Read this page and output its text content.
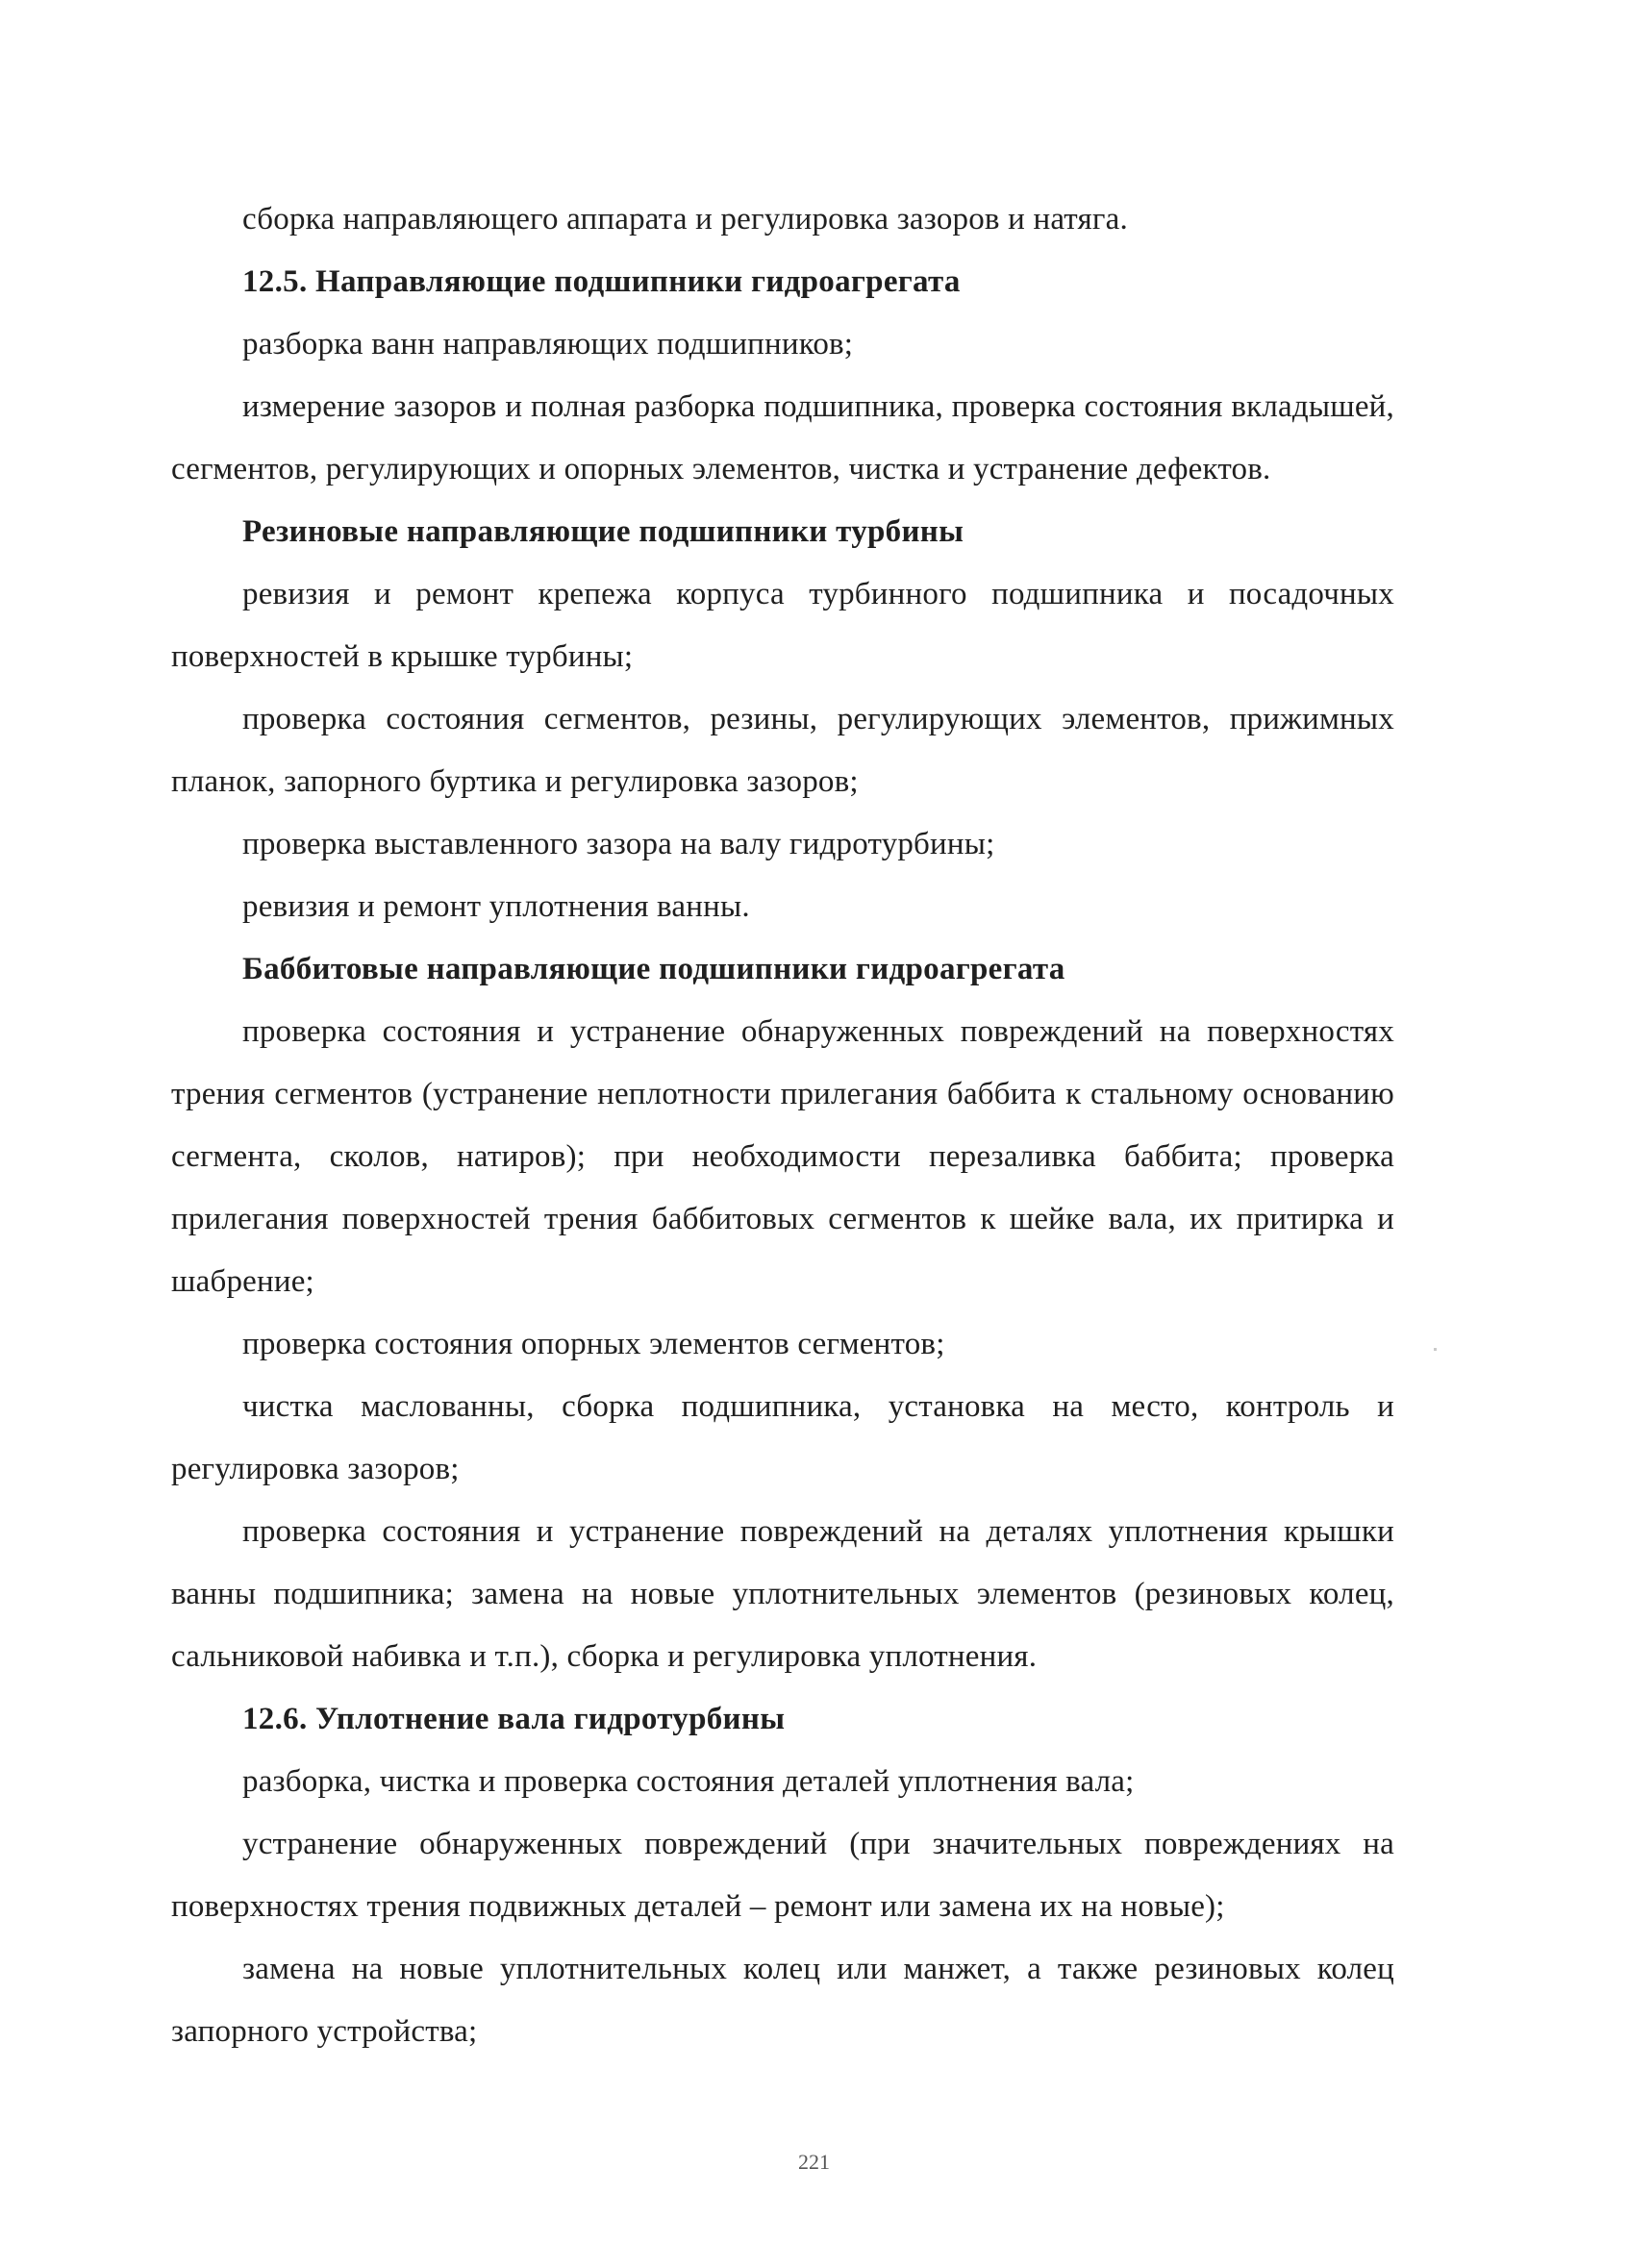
сборка направляющего аппарата и регулировка зазоров и натяга.

12.5. Направляющие подшипники гидроагрегата

разборка ванн направляющих подшипников;

измерение зазоров и полная разборка подшипника, проверка состояния вкладышей, сегментов, регулирующих и опорных элементов, чистка и устранение дефектов.

Резиновые направляющие подшипники турбины

ревизия и ремонт крепежа корпуса турбинного подшипника и посадочных поверхностей в крышке турбины;

проверка состояния сегментов, резины, регулирующих элементов, прижимных планок, запорного буртика и регулировка зазоров;

проверка выставленного зазора на валу гидротурбины;

ревизия и ремонт уплотнения ванны.

Баббитовые направляющие подшипники гидроагрегата

проверка состояния и устранение обнаруженных повреждений на поверхностях трения сегментов (устранение неплотности прилегания баббита к стальному основанию сегмента, сколов, натиров); при необходимости перезаливка баббита; проверка прилегания поверхностей трения баббитовых сегментов к шейке вала, их притирка и шабрение;

проверка состояния опорных элементов сегментов;

чистка маслованны, сборка подшипника, установка на место, контроль и регулировка зазоров;

проверка состояния и устранение повреждений на деталях уплотнения крышки ванны подшипника; замена на новые уплотнительных элементов (резиновых колец, сальниковой набивка и т.п.), сборка и регулировка уплотнения.

12.6. Уплотнение вала гидротурбины

разборка, чистка и проверка состояния деталей уплотнения вала;

устранение обнаруженных повреждений (при значительных повреждениях на поверхностях трения подвижных деталей – ремонт или замена их на новые);

замена на новые уплотнительных колец или манжет, а также резиновых колец запорного устройства;

221
